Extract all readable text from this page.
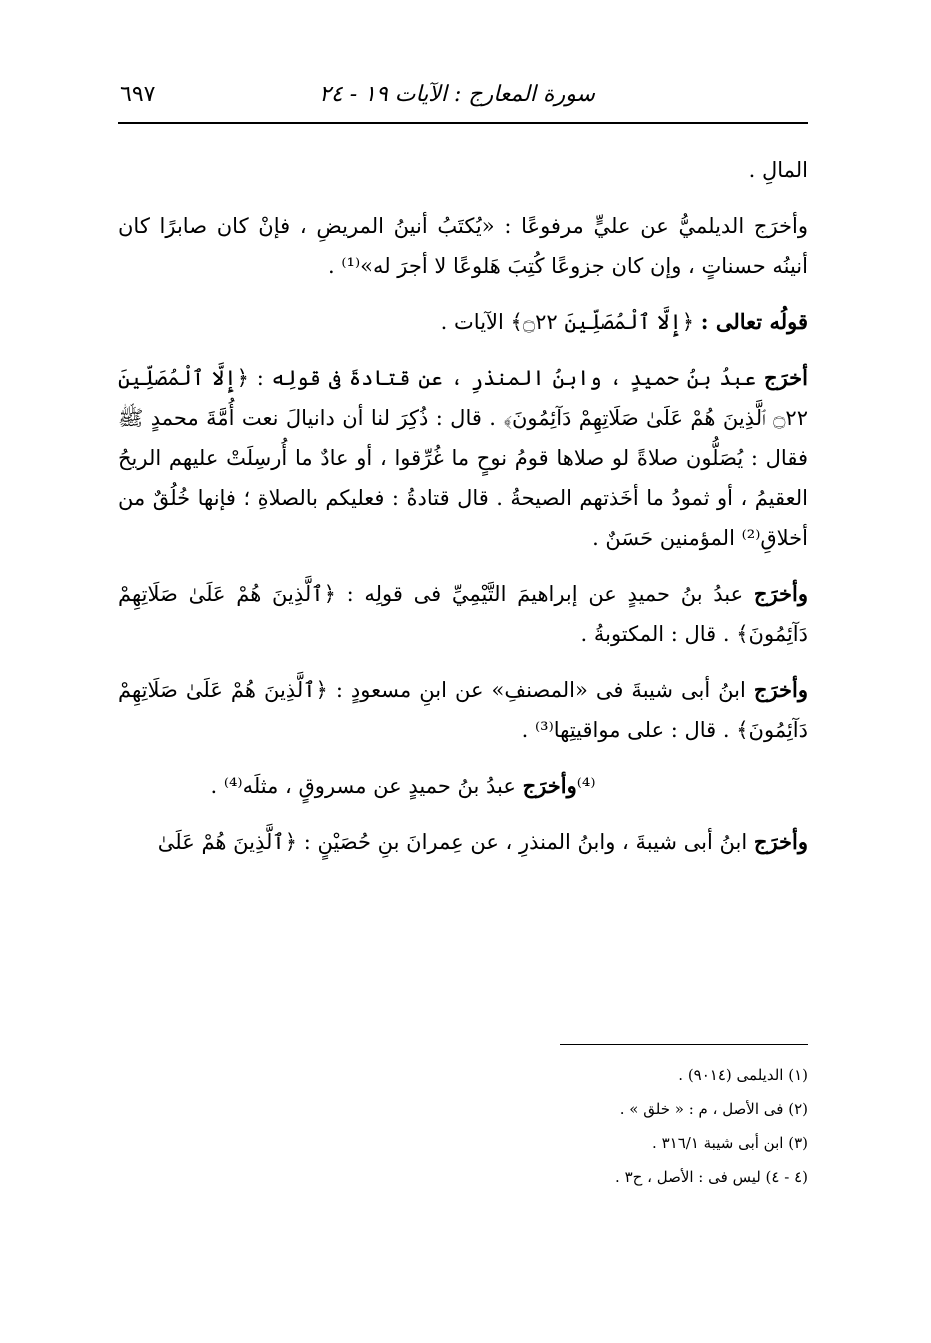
سورة المعارج : الآيات ١٩ - ٢٤
٦٩٧

المالِ .

وأخرَج الديلميُّ عن عليٍّ مرفوعًا : «يُكتَبُ أنينُ المريضِ ، فإنْ كان صابرًا كان أنينُه حسناتٍ ، وإن كان جزوعًا كُتِبَ هَلوعًا لا أجرَ له»⁽¹⁾ .

قولُه تعالى : ﴿إِلَّا ٱلْمُصَلِّينَ ۝٢٢﴾ الآيات .

أخرَج عبدُ بنُ حميدٍ ، وابنُ المنذرِ ، عن قتادةَ فى قولِه : ﴿إِلَّا ٱلْمُصَلِّينَ ۝٢٢ ٱلَّذِينَ هُمْ عَلَىٰ صَلَاتِهِمْ دَآئِمُونَ﴾ . قال : ذُكِرَ لنا أن دانيالَ نعت أُمَّةَ محمدٍ ﷺ فقال : يُصَلُّون صلاةً لو صلاها قومُ نوحٍ ما غُرِّقوا ، أو عادٌ ما أُرسِلَتْ عليهم الريحُ العقيمُ ، أو ثمودُ ما أخَذتهم الصيحةُ . قال قتادةُ : فعليكم بالصلاةِ ؛ فإنها خُلُقٌ من أخلاقِ⁽²⁾ المؤمنين حَسَنٌ .

وأخرَج عبدُ بنُ حميدٍ عن إبراهيمَ التَّيْمِيِّ فى قولِه : ﴿ٱلَّذِينَ هُمْ عَلَىٰ صَلَاتِهِمْ دَآئِمُونَ﴾ . قال : المكتوبةُ .

وأخرَج ابنُ أبى شيبةَ فى «المصنفِ» عن ابنِ مسعودٍ : ﴿ٱلَّذِينَ هُمْ عَلَىٰ صَلَاتِهِمْ دَآئِمُونَ﴾ . قال : على مواقيتِها⁽³⁾ .

⁽⁴⁾وأخرَج عبدُ بنُ حميدٍ عن مسروقٍ ، مثلَه⁽⁴⁾ .

وأخرَج ابنُ أبى شيبةَ ، وابنُ المنذرِ ، عن عِمرانَ بنِ حُصَيْنٍ : ﴿ٱلَّذِينَ هُمْ عَلَىٰ

(١) الديلمى (٩٠١٤) .
(٢) فى الأصل ، م : « خلق » .
(٣) ابن أبى شيبة ٣١٦/١ .
(٤ - ٤) ليس فى : الأصل ، ح٣ .
